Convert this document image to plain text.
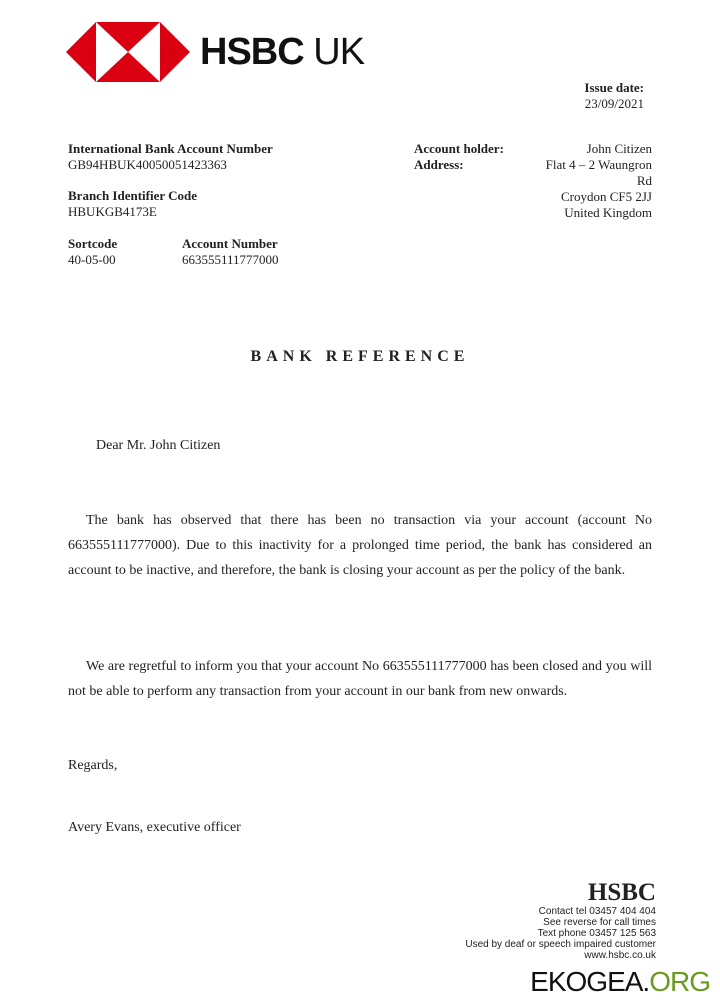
HSBC UK
Issue date:
23/09/2021
International Bank Account Number
GB94HBUK40050051423363
Branch Identifier Code
HBUKGB4173E
Sortcode
40-05-00
Account Number
663555111777000
Account holder:
Address:
John Citizen
Flat 4 – 2 Waungron
Rd
Croydon CF5 2JJ
United Kingdom
BANK REFERENCE
Dear Mr. John Citizen
The bank has observed that there has been no transaction via your account (account No 663555111777000). Due to this inactivity for a prolonged time period, the bank has considered an account to be inactive, and therefore, the bank is closing your account as per the policy of the bank.
We are regretful to inform you that your account No 663555111777000 has been closed and you will not be able to perform any transaction from your account in our bank from new onwards.
Regards,
Avery Evans, executive officer
HSBC
Contact tel 03457 404 404
See reverse for call times
Text phone 03457 125 563
Used by deaf or speech impaired customer
www.hsbc.co.uk
EKOGEA.ORG
